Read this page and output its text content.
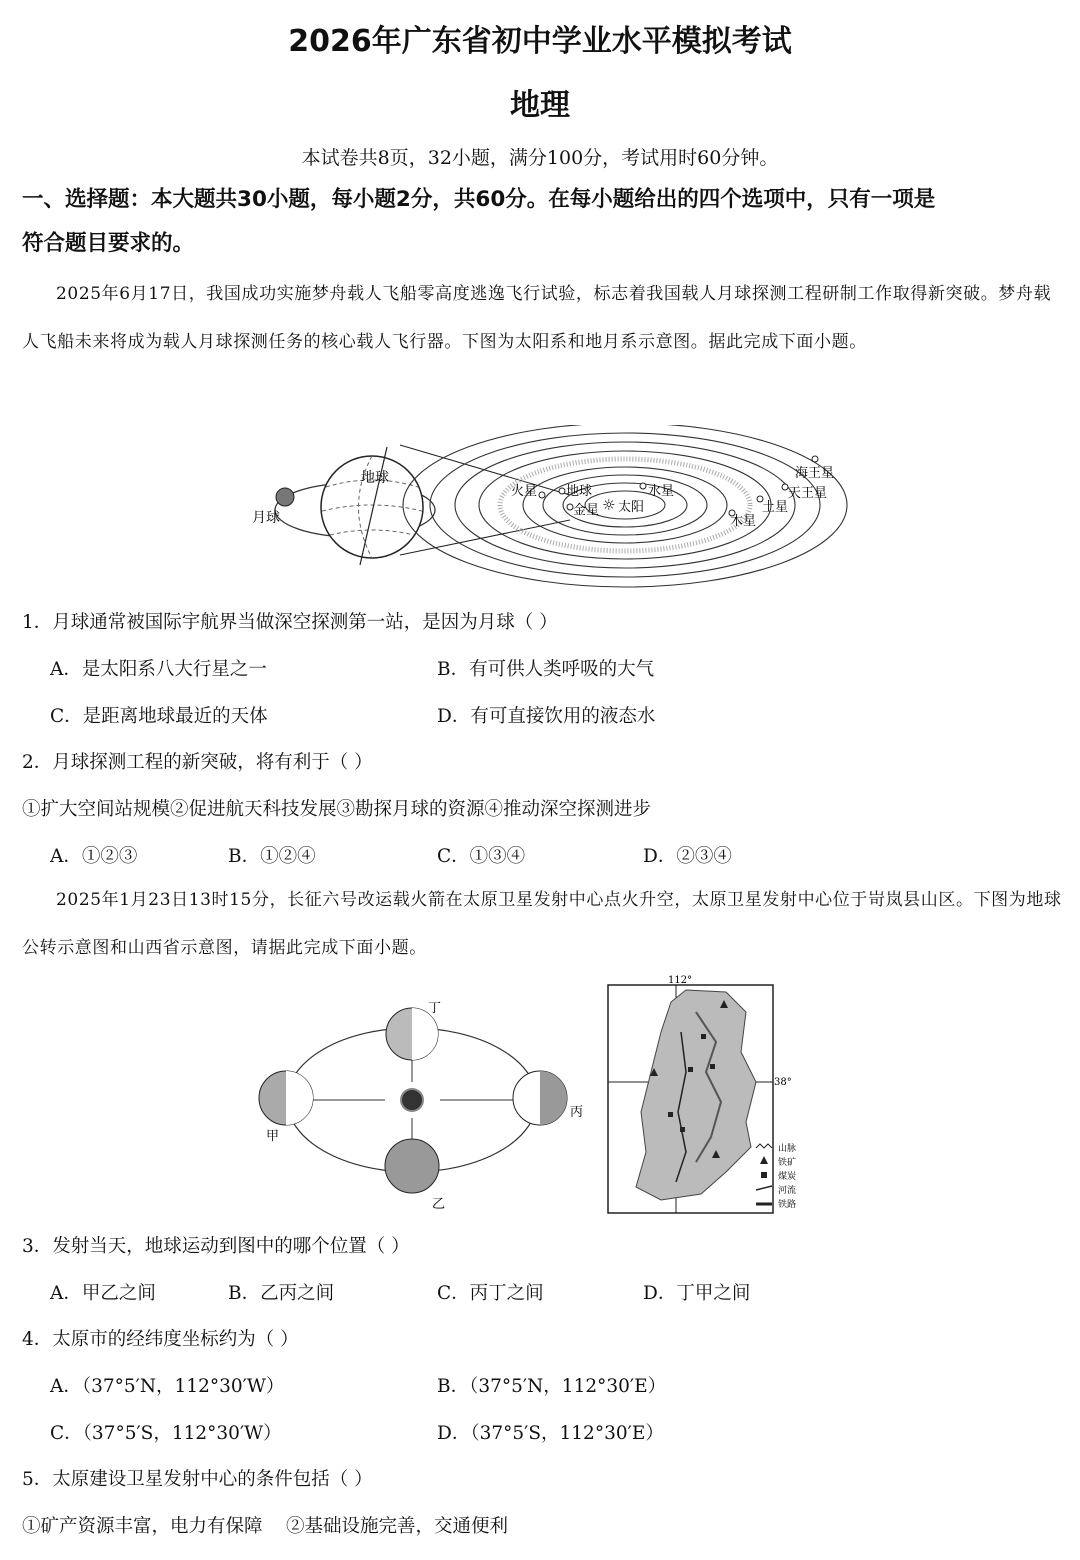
2026年广东省初中学业水平模拟考试
地理
本试卷共8页，32小题，满分100分，考试用时60分钟。
一、选择题：本大题共30小题，每小题2分，共60分。在每小题给出的四个选项中，只有一项是
符合题目要求的。
2025年6月17日，我国成功实施梦舟载人飞船零高度逃逸飞行试验，标志着我国载人月球探测工程研制工作取得新突破。梦舟载人飞船未来将成为载人月球探测任务的核心载人飞行器。下图为太阳系和地月系示意图。据此完成下面小题。
月球
地球
☼ 太阳
水星
金星
地球
火星
木星
土星
天王星
海王星
1．月球通常被国际宇航界当做深空探测第一站，是因为月球（ ）
A．是太阳系八大行星之一	B．有可供人类呼吸的大气
C．是距离地球最近的天体	D．有可直接饮用的液态水
2．月球探测工程的新突破，将有利于（ ）
①扩大空间站规模②促进航天科技发展③勘探月球的资源④推动深空探测进步
A．①②③	B．①②④	C．①③④	D．②③④
2025年1月23日13时15分，长征六号改运载火箭在太原卫星发射中心点火升空，太原卫星发射中心位于岢岚县山区。下图为地球公转示意图和山西省示意图，请据此完成下面小题。
丁
丙
乙
甲
112°
38°
山脉
铁矿
煤炭
河流
铁路
3．发射当天，地球运动到图中的哪个位置（ ）
A．甲乙之间	B．乙丙之间	C．丙丁之间	D．丁甲之间
4．太原市的经纬度坐标约为（ ）
A．（37°5′N，112°30′W）	B．（37°5′N，112°30′E）
C．（37°5′S，112°30′W）	D．（37°5′S，112°30′E）
5．太原建设卫星发射中心的条件包括（ ）
①矿产资源丰富，电力有保障    ②基础设施完善，交通便利
